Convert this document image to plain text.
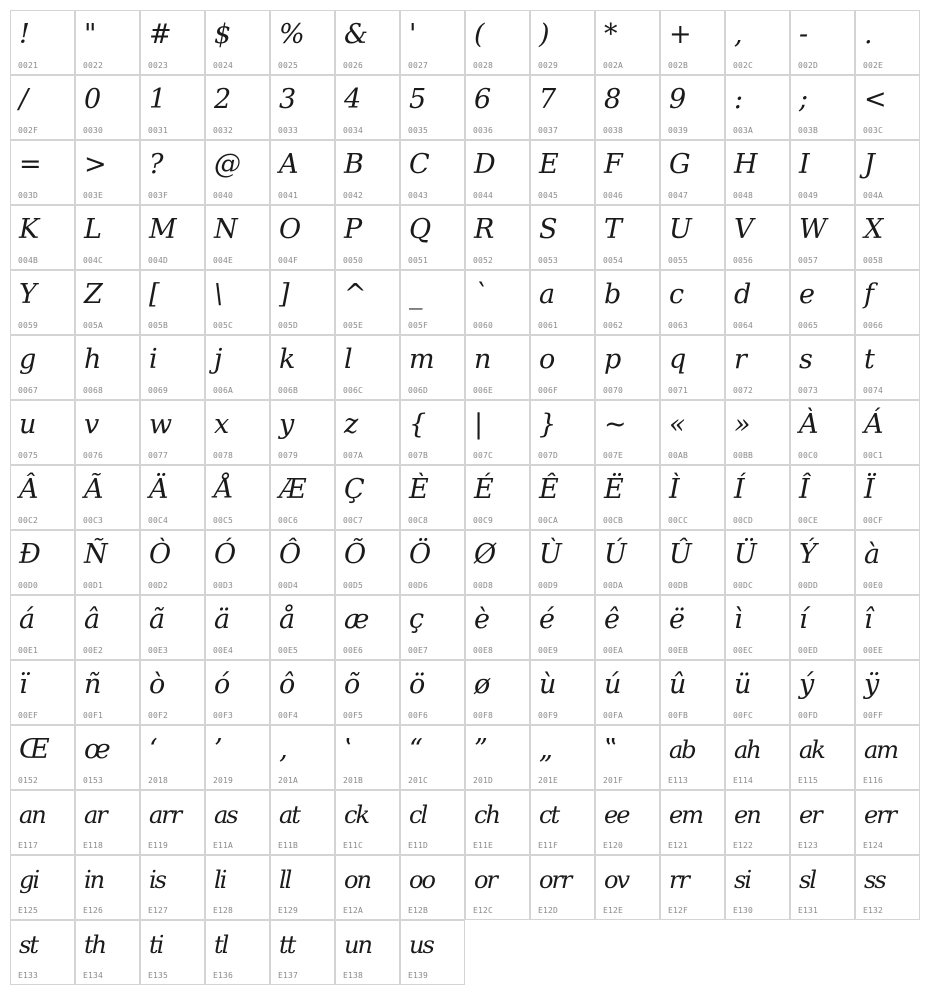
!
0021
"
0022
#
0023
$
0024
%
0025
&
0026
'
0027
(
0028
)
0029
*
002A
+
002B
,
002C
-
002D
.
002E
/
002F
0
0030
1
0031
2
0032
3
0033
4
0034
5
0035
6
0036
7
0037
8
0038
9
0039
:
003A
;
003B
<
003C
=
003D
>
003E
?
003F
@
0040
A
0041
B
0042
C
0043
D
0044
E
0045
F
0046
G
0047
H
0048
I
0049
J
004A
K
004B
L
004C
M
004D
N
004E
O
004F
P
0050
Q
0051
R
0052
S
0053
T
0054
U
0055
V
0056
W
0057
X
0058
Y
0059
Z
005A
[
005B
\
005C
]
005D
^
005E
_
005F
`
0060
a
0061
b
0062
c
0063
d
0064
e
0065
f
0066
g
0067
h
0068
i
0069
j
006A
k
006B
l
006C
m
006D
n
006E
o
006F
p
0070
q
0071
r
0072
s
0073
t
0074
u
0075
v
0076
w
0077
x
0078
y
0079
z
007A
{
007B
|
007C
}
007D
~
007E
«
00AB
»
00BB
À
00C0
Á
00C1
Â
00C2
Ã
00C3
Ä
00C4
Å
00C5
Æ
00C6
Ç
00C7
È
00C8
É
00C9
Ê
00CA
Ë
00CB
Ì
00CC
Í
00CD
Î
00CE
Ï
00CF
Ð
00D0
Ñ
00D1
Ò
00D2
Ó
00D3
Ô
00D4
Õ
00D5
Ö
00D6
Ø
00D8
Ù
00D9
Ú
00DA
Û
00DB
Ü
00DC
Ý
00DD
à
00E0
á
00E1
â
00E2
ã
00E3
ä
00E4
å
00E5
æ
00E6
ç
00E7
è
00E8
é
00E9
ê
00EA
ë
00EB
ì
00EC
í
00ED
î
00EE
ï
00EF
ñ
00F1
ò
00F2
ó
00F3
ô
00F4
õ
00F5
ö
00F6
ø
00F8
ù
00F9
ú
00FA
û
00FB
ü
00FC
ý
00FD
ÿ
00FF
Œ
0152
œ
0153
‘
2018
’
2019
‚
201A
‛
201B
“
201C
”
201D
„
201E
‟
201F
ab
E113
ah
E114
ak
E115
am
E116
an
E117
ar
E118
arr
E119
as
E11A
at
E11B
ck
E11C
cl
E11D
ch
E11E
ct
E11F
ee
E120
em
E121
en
E122
er
E123
err
E124
gi
E125
in
E126
is
E127
li
E128
ll
E129
on
E12A
oo
E12B
or
E12C
orr
E12D
ov
E12E
rr
E12F
si
E130
sl
E131
ss
E132
st
E133
th
E134
ti
E135
tl
E136
tt
E137
un
E138
us
E139
